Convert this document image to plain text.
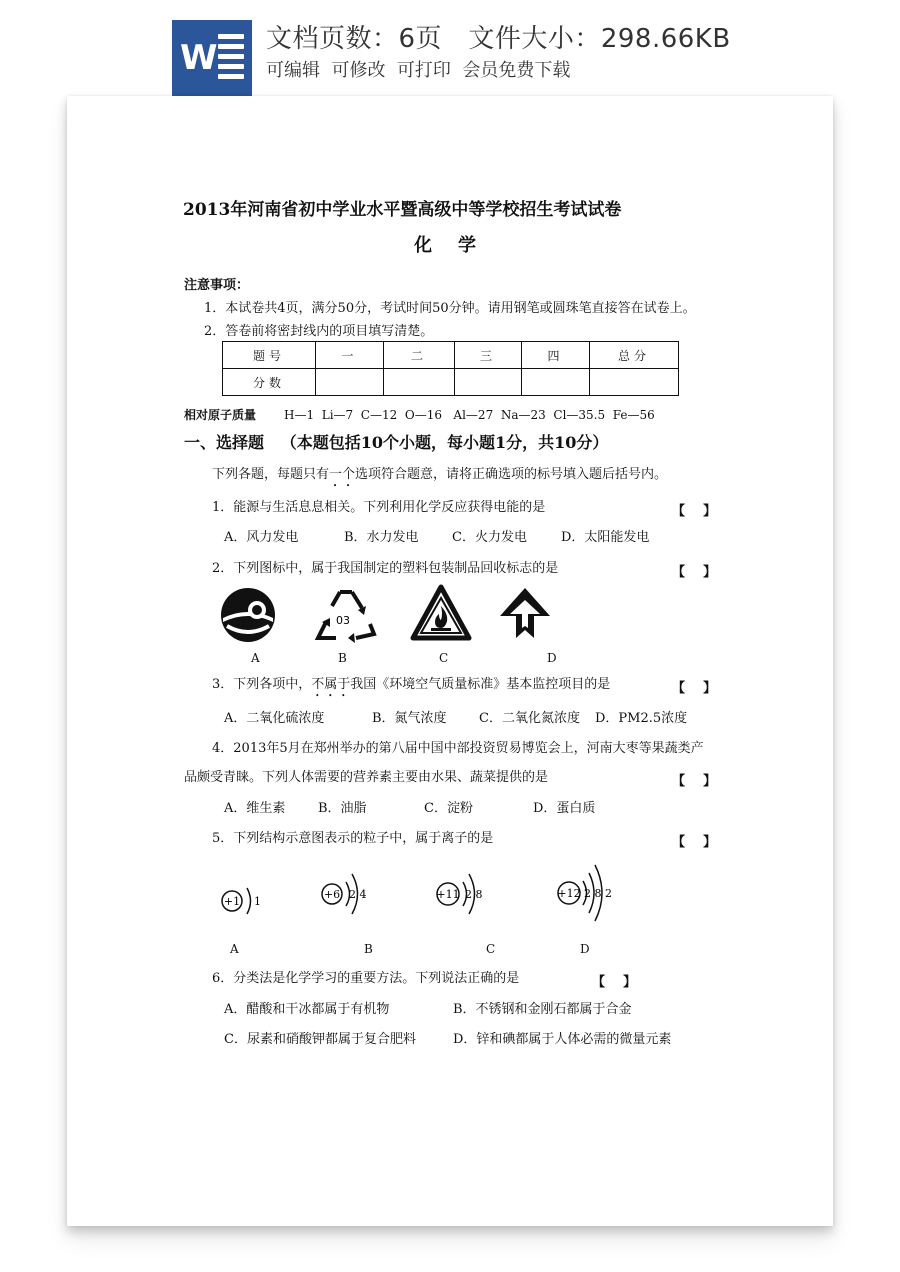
W 文档页数：6页   文件大小：298.66KB
可编辑  可修改  可打印  会员免费下载
2013年河南省初中学业水平暨高级中等学校招生考试试卷
化学
注意事项：
1．本试卷共4页，满分50分，考试时间50分钟。请用钢笔或圆珠笔直接答在试卷上。
2．答卷前将密封线内的项目填写清楚。
题号	一	二	三	四	总分
分数					
相对原子质量 H—1  Li—7  C—12  O—16   Al—27  Na—23  Cl—35.5  Fe—56
一、选择题   （本题包括10个小题，每小题1分，共10分）
下列各题，每题只有一个选项符合题意，请将正确选项的标号填入题后括号内。
1．能源与生活息息相关。下列利用化学反应获得电能的是	【    】
A．风力发电	B．水力发电	C．火力发电	D．太阳能发电
2．下列图标中，属于我国制定的塑料包装制品回收标志的是	【    】
03
A	B	C	D
3．下列各项中，不属于我国《环境空气质量标准》基本监控项目的是	【    】
A．二氧化硫浓度	B．氮气浓度 C．二氧化氮浓度 D．PM2.5浓度
4．2013年5月在郑州举办的第八届中国中部投资贸易博览会上，河南大枣等果蔬类产
品颇受青睐。下列人体需要的营养素主要由水果、蔬菜提供的是	【    】
A．维生素	B．油脂	C．淀粉	D．蛋白质
5．下列结构示意图表示的粒子中，属于离子的是	【    】
+1 1
+6 2 4	+11 2 8	+12 2 8 2
A	B	C	D
6．分类法是化学学习的重要方法。下列说法正确的是	【    】
A．醋酸和干冰都属于有机物	B．不锈钢和金刚石都属于合金
C．尿素和硝酸钾都属于复合肥料	D．锌和碘都属于人体必需的微量元素
